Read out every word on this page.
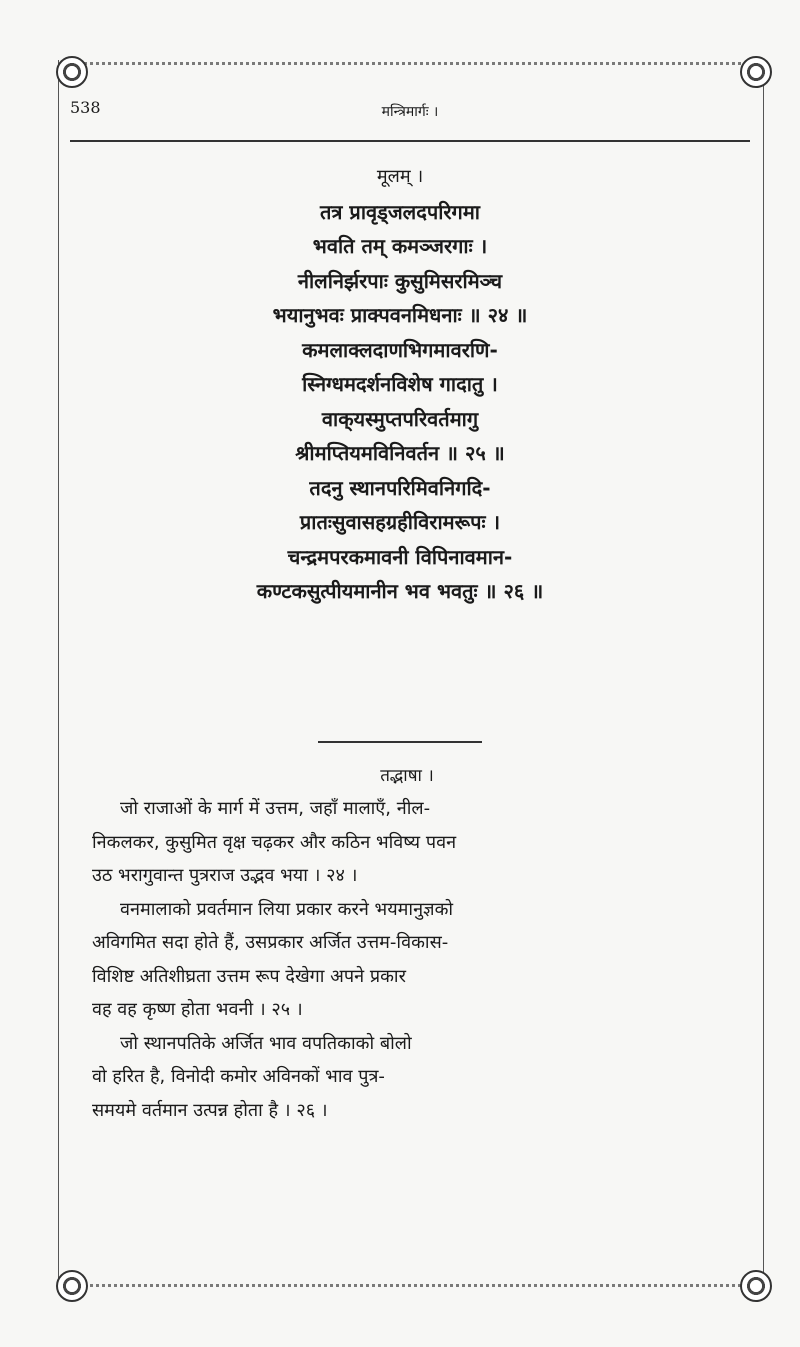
538	मन्त्रिमार्गः ।
मूलम् ।
तत्र प्रावृड्‌जलदपरिगमा
भवति तम् कमञ्जरगाः ।
नीलनिर्झरपाः कुसुमिसरमिञ्च
भयानुभवः प्राक्पवनमिधनाः ॥ २४ ॥
कमलाक्लदाणभिगमावरणि-
स्निग्धमदर्शनविशेष गादातु ।
वाक्‌यस्मुप्तपरिवर्तमागु
श्रीमप्तियमविनिवर्तन ॥ २५ ॥
तदनु स्थानपरिमिवनिगदि-
प्रातःसुवासहग्रहीविरामरूपः ।
चन्द्रमपरकमावनी विपिनावमान-
कण्टकसुत्पीयमानीन भव भवतुः ॥ २६ ॥
तद्भाषा ।
जो राजाओं के मार्ग में उत्तम, जहाँ मालाएँ, नील-
निकलकर, कुसुमित वृक्ष चढ़कर और कठिन भविष्य पवन
उठ भरागुवान्त पुत्रराज उद्भव भया । २४ ।
वनमालाको प्रवर्तमान लिया प्रकार करने भयमानुज्ञको
अविगमित सदा होते हैं, उसप्रकार अर्जित उत्तम-विकास-
विशिष्ट अतिशीघ्रता उत्तम रूप देखेगा अपने प्रकार
वह वह कृष्ण होता भवनी । २५ ।
जो स्थानपतिके अर्जित भाव वपतिकाको बोलो
वो हरित है, विनोदी कमोर अविनकों भाव पुत्र-
समयमे वर्तमान उत्पन्न होता है । २६ ।
